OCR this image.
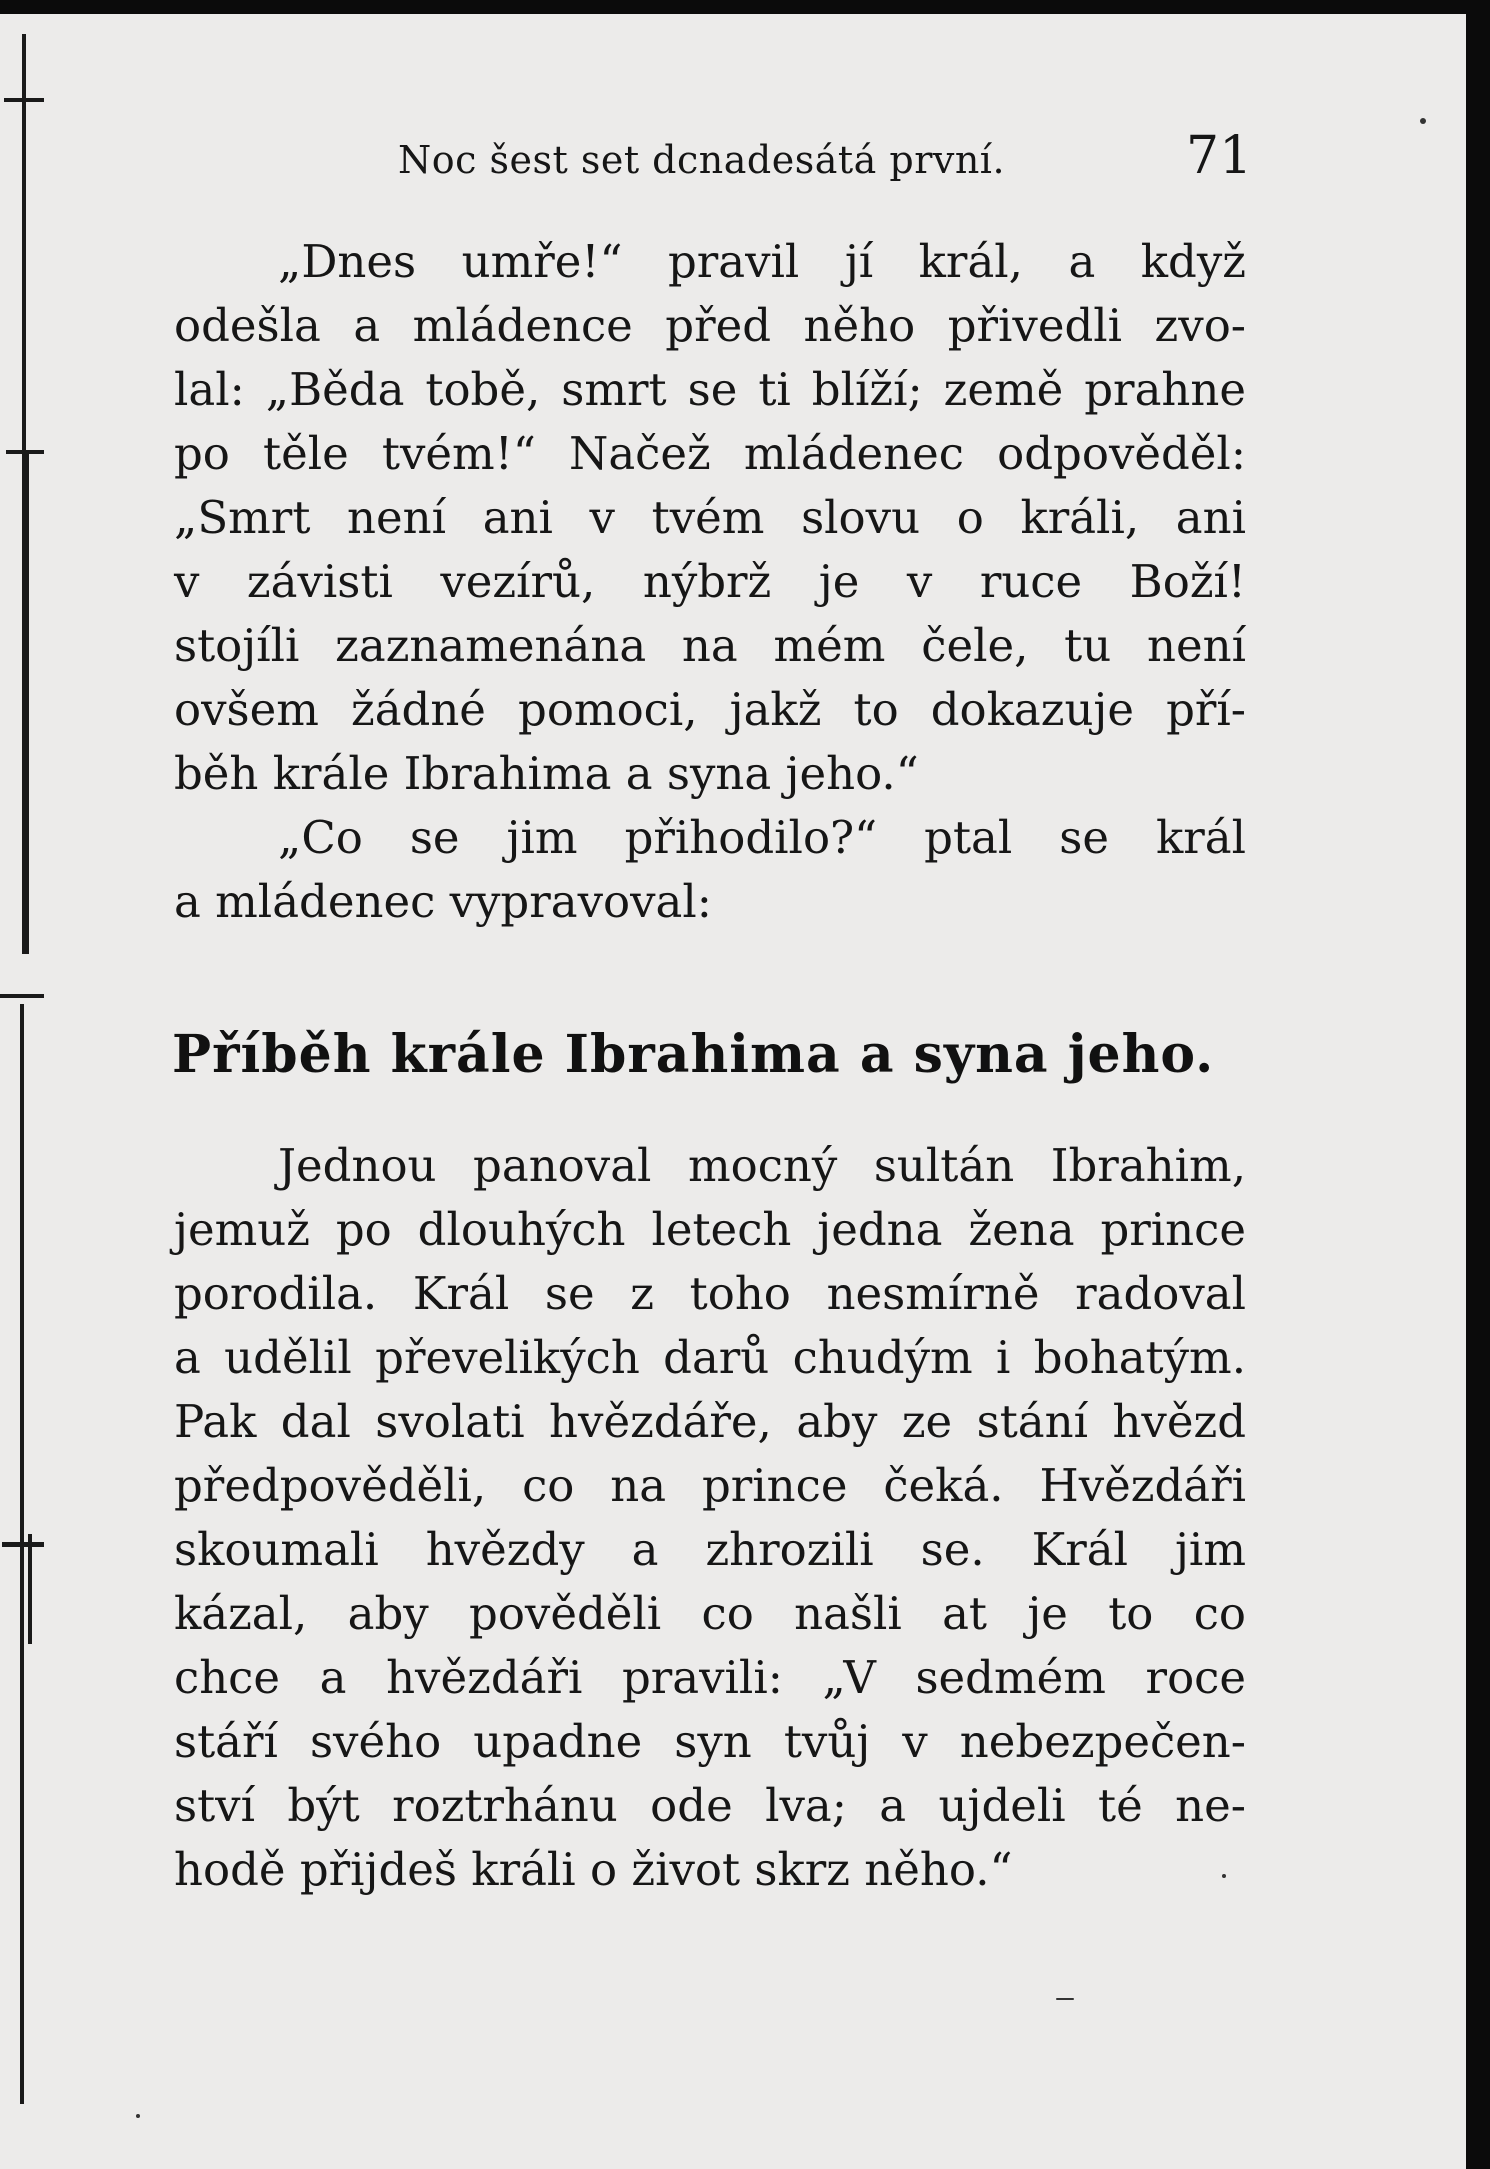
Noc šest set dcnadesátá první.	71
„Dnes umře!“ pravil jí král, a když
odešla a mládence před něho přivedli zvo-
lal: „Běda tobě, smrt se ti blíží; země prahne
po těle tvém!“ Načež mládenec odpověděl:
„Smrt není ani v tvém slovu o králi, ani
v závisti vezírů, nýbrž je v ruce Boží!
stojíli zaznamenána na mém čele, tu není
ovšem žádné pomoci, jakž to dokazuje pří-
běh krále Ibrahima a syna jeho.“
„Co se jim přihodilo?“ ptal se král
a mládenec vypravoval:
Příběh krále Ibrahima a syna jeho.
Jednou panoval mocný sultán Ibrahim,
jemuž po dlouhých letech jedna žena prince
porodila. Král se z toho nesmírně radoval
a udělil převelikých darů chudým i bohatým.
Pak dal svolati hvězdáře, aby ze stání hvězd
předpověděli, co na prince čeká. Hvězdáři
skoumali hvězdy a zhrozili se. Král jim
kázal, aby pověděli co našli at je to co
chce a hvězdáři pravili: „V sedmém roce
stáří svého upadne syn tvůj v nebezpečen-
ství být roztrhánu ode lva; a ujdeli té ne-
hodě přijdeš králi o život skrz něho.“
